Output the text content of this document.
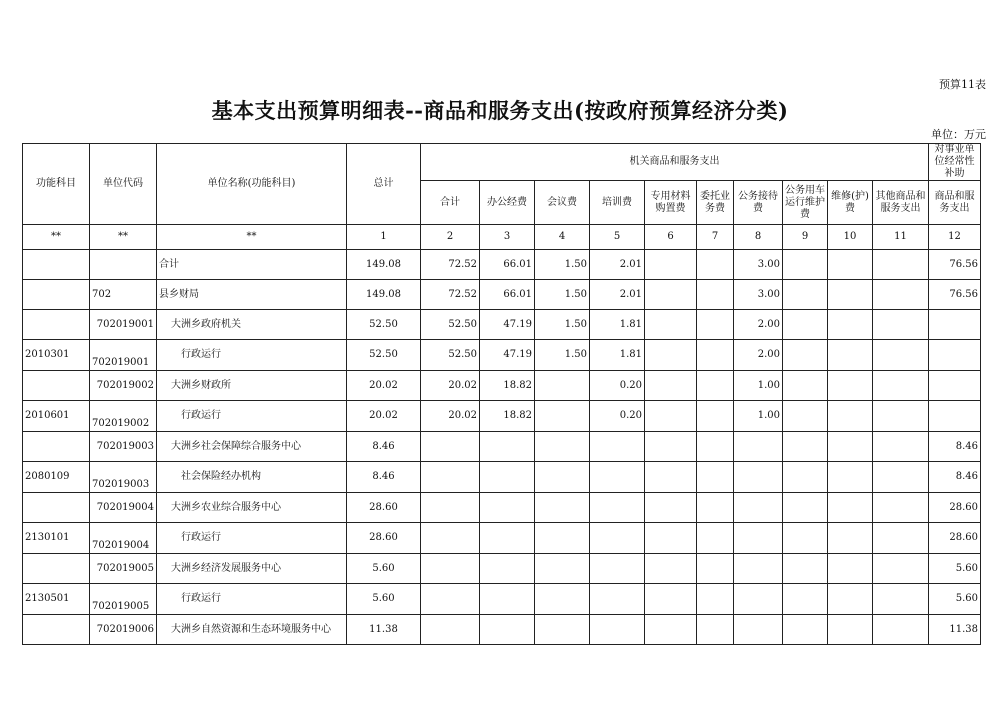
预算11表
基本支出预算明细表--商品和服务支出(按政府预算经济分类)
单位：万元
功能科目	单位代码	单位名称(功能科目)	总计	机关商品和服务支出										对事业单位经常性补助
				合计	办公经费	会议费	培训费	专用材料购置费	委托业务费	公务接待费	公务用车运行维护费	维修(护)费	其他商品和服务支出	商品和服务支出
**	**	**	1	2	3	4	5	6	7	8	9	10	11	12
		合计	149.08	72.52	66.01	1.50	2.01			3.00				76.56
	702	县乡财局	149.08	72.52	66.01	1.50	2.01			3.00				76.56
	702019001	大洲乡政府机关	52.50	52.50	47.19	1.50	1.81			2.00				
2010301	702019001	行政运行	52.50	52.50	47.19	1.50	1.81			2.00				
	702019002	大洲乡财政所	20.02	20.02	18.82		0.20			1.00				
2010601	702019002	行政运行	20.02	20.02	18.82		0.20			1.00				
	702019003	大洲乡社会保障综合服务中心	8.46											8.46
2080109	702019003	社会保险经办机构	8.46											8.46
	702019004	大洲乡农业综合服务中心	28.60											28.60
2130101	702019004	行政运行	28.60											28.60
	702019005	大洲乡经济发展服务中心	5.60											5.60
2130501	702019005	行政运行	5.60											5.60
	702019006	大洲乡自然资源和生态环境服务中心	11.38											11.38
